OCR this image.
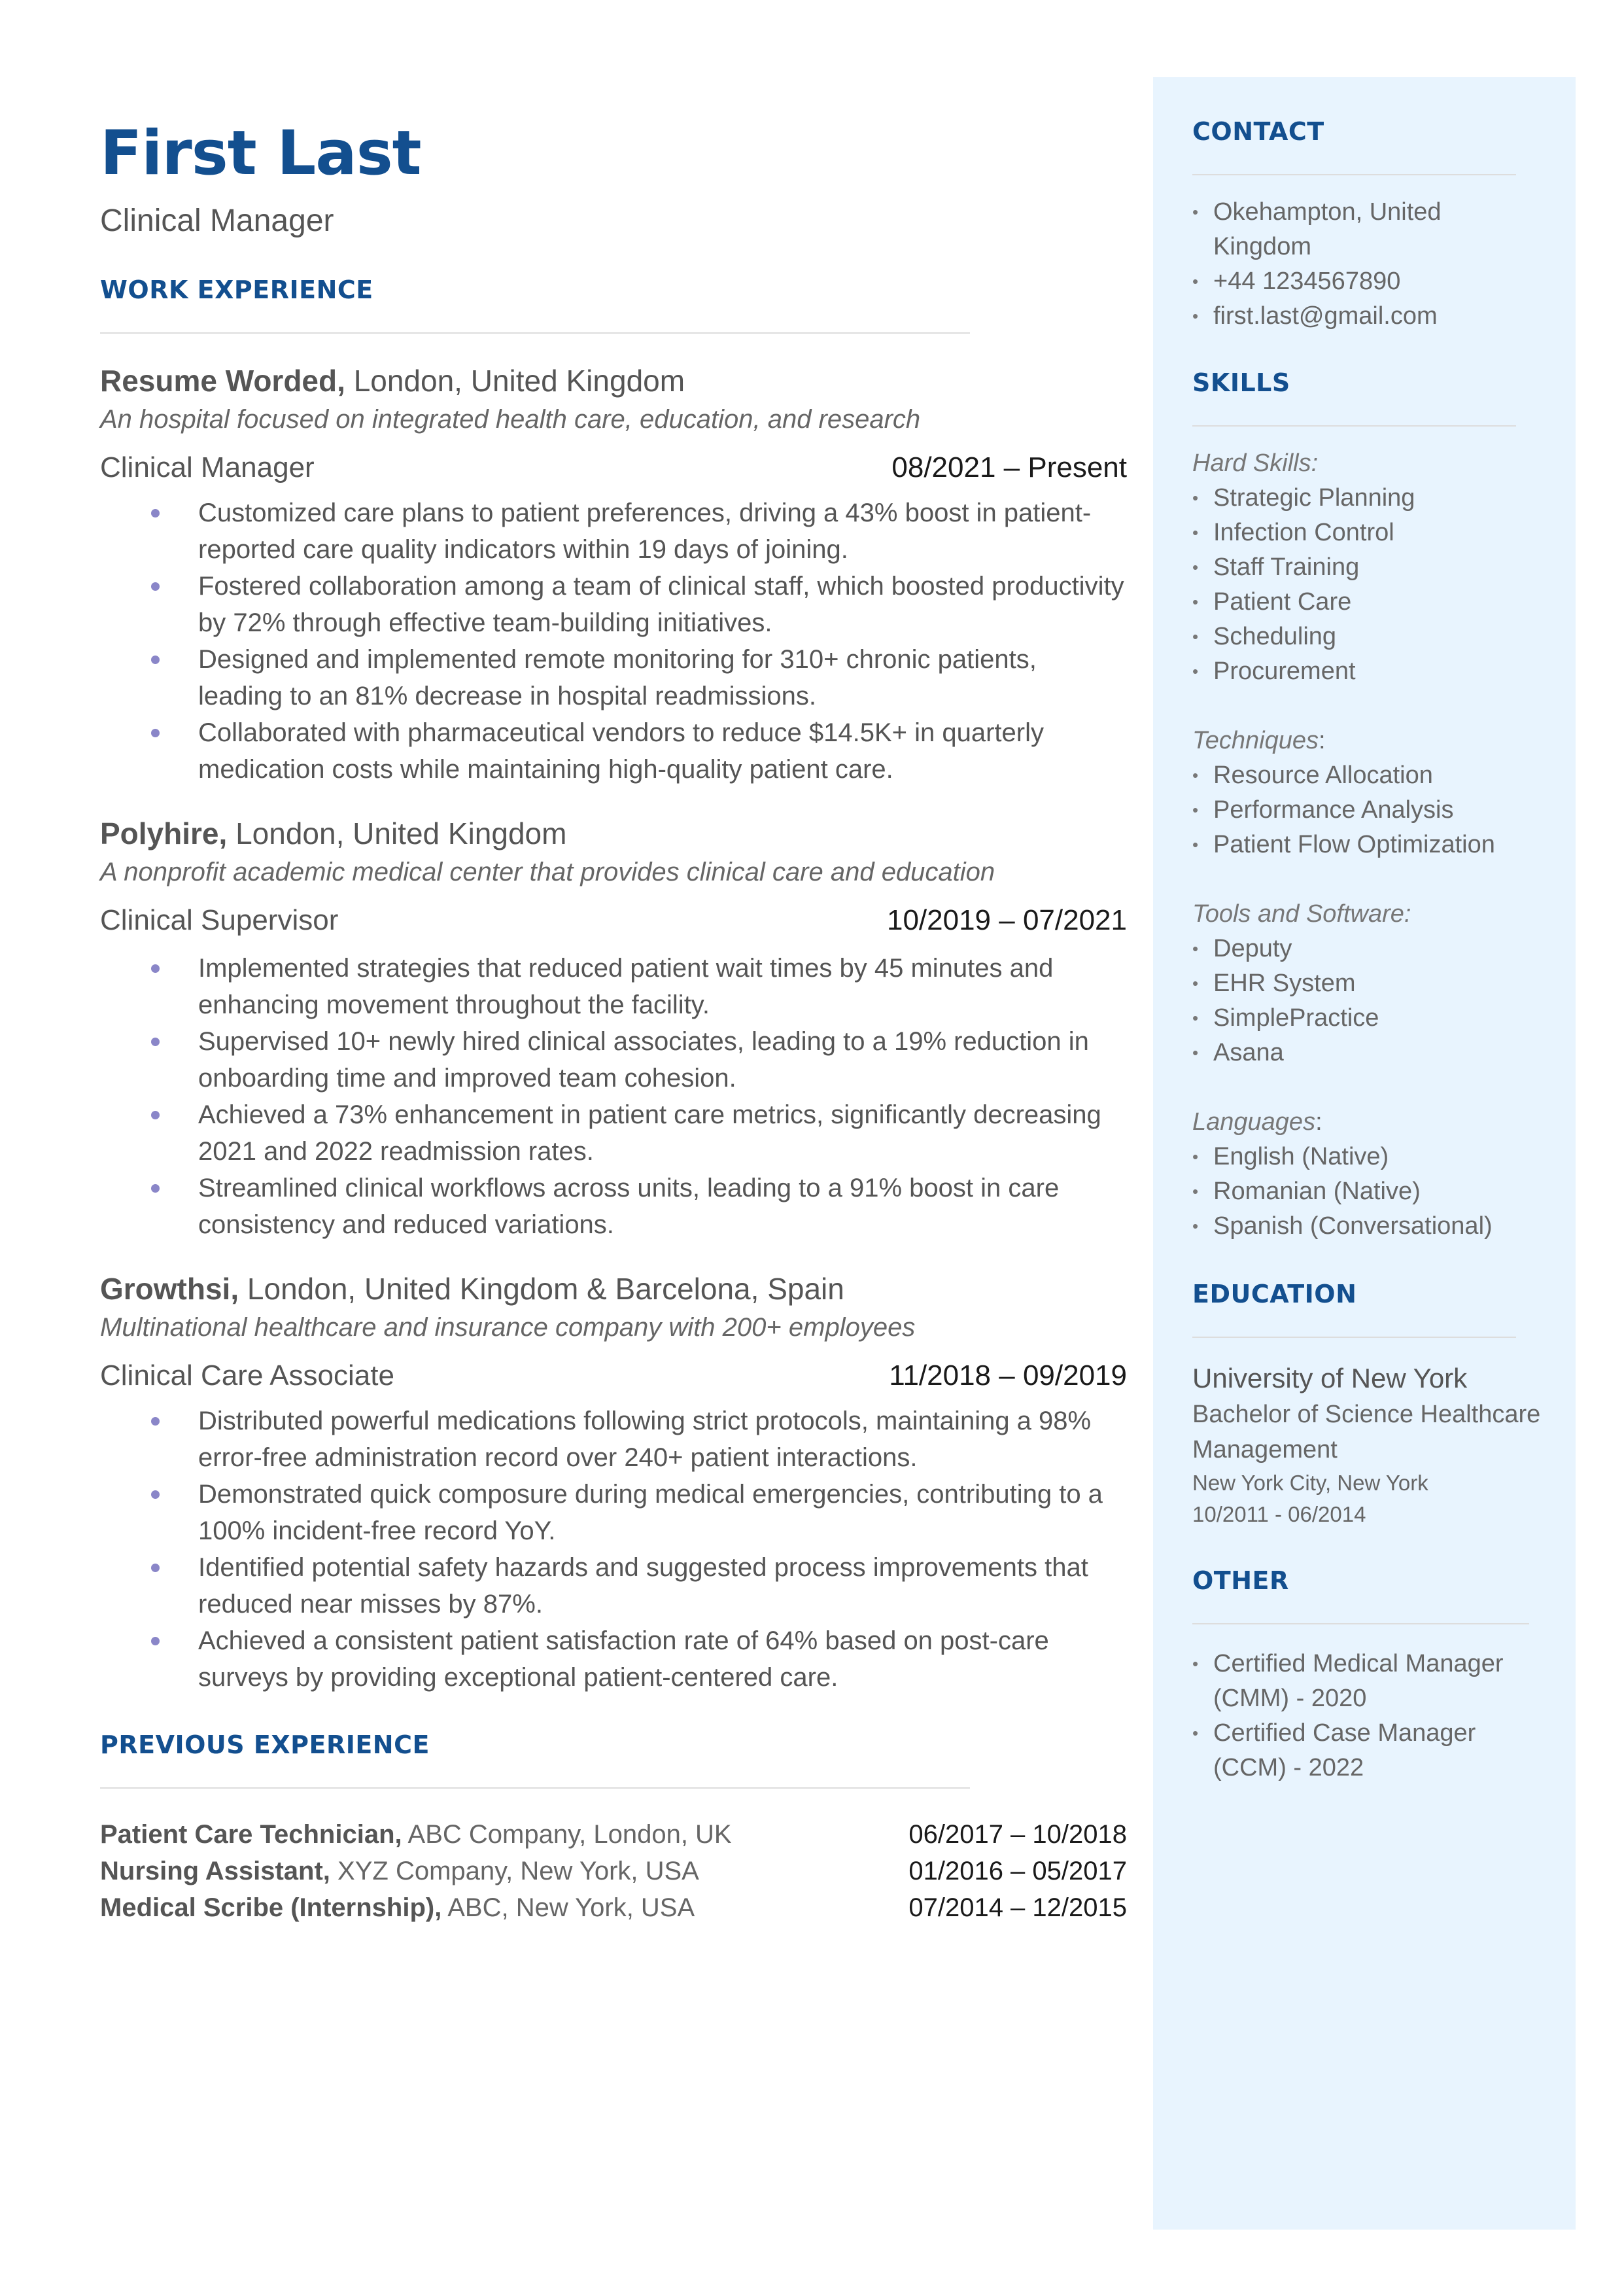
First Last
Clinical Manager
WORK EXPERIENCE
Resume Worded, London, United Kingdom
An hospital focused on integrated health care, education, and research
Clinical Manager	08/2021 – Present
Customized care plans to patient preferences, driving a 43% boost in patient-reported care quality indicators within 19 days of joining.
Fostered collaboration among a team of clinical staff, which boosted productivity by 72% through effective team-building initiatives.
Designed and implemented remote monitoring for 310+ chronic patients, leading to an 81% decrease in hospital readmissions.
Collaborated with pharmaceutical vendors to reduce $14.5K+ in quarterly medication costs while maintaining high-quality patient care.
Polyhire, London, United Kingdom
A nonprofit academic medical center that provides clinical care and education
Clinical Supervisor	10/2019 – 07/2021
Implemented strategies that reduced patient wait times by 45 minutes and enhancing movement throughout the facility.
Supervised 10+ newly hired clinical associates, leading to a 19% reduction in onboarding time and improved team cohesion.
Achieved a 73% enhancement in patient care metrics, significantly decreasing 2021 and 2022 readmission rates.
Streamlined clinical workflows across units, leading to a 91% boost in care consistency and reduced variations.
Growthsi, London, United Kingdom & Barcelona, Spain
Multinational healthcare and insurance company with 200+ employees
Clinical Care Associate	11/2018 – 09/2019
Distributed powerful medications following strict protocols, maintaining a 98% error-free administration record over 240+ patient interactions.
Demonstrated quick composure during medical emergencies, contributing to a 100% incident-free record YoY.
Identified potential safety hazards and suggested process improvements that reduced near misses by 87%.
Achieved a consistent patient satisfaction rate of 64% based on post-care surveys by providing exceptional patient-centered care.
PREVIOUS EXPERIENCE
Patient Care Technician, ABC Company, London, UK	06/2017 – 10/2018
Nursing Assistant, XYZ Company, New York, USA	01/2016 – 05/2017
Medical Scribe (Internship), ABC, New York, USA	07/2014 – 12/2015
CONTACT
• Okehampton, United Kingdom
• +44 1234567890
• first.last@gmail.com
SKILLS
Hard Skills:
• Strategic Planning
• Infection Control
• Staff Training
• Patient Care
• Scheduling
• Procurement
Techniques:
• Resource Allocation
• Performance Analysis
• Patient Flow Optimization
Tools and Software:
• Deputy
• EHR System
• SimplePractice
• Asana
Languages:
• English (Native)
• Romanian (Native)
• Spanish (Conversational)
EDUCATION
University of New York
Bachelor of Science Healthcare Management
New York City, New York
10/2011 - 06/2014
OTHER
• Certified Medical Manager (CMM) - 2020
• Certified Case Manager (CCM) - 2022
